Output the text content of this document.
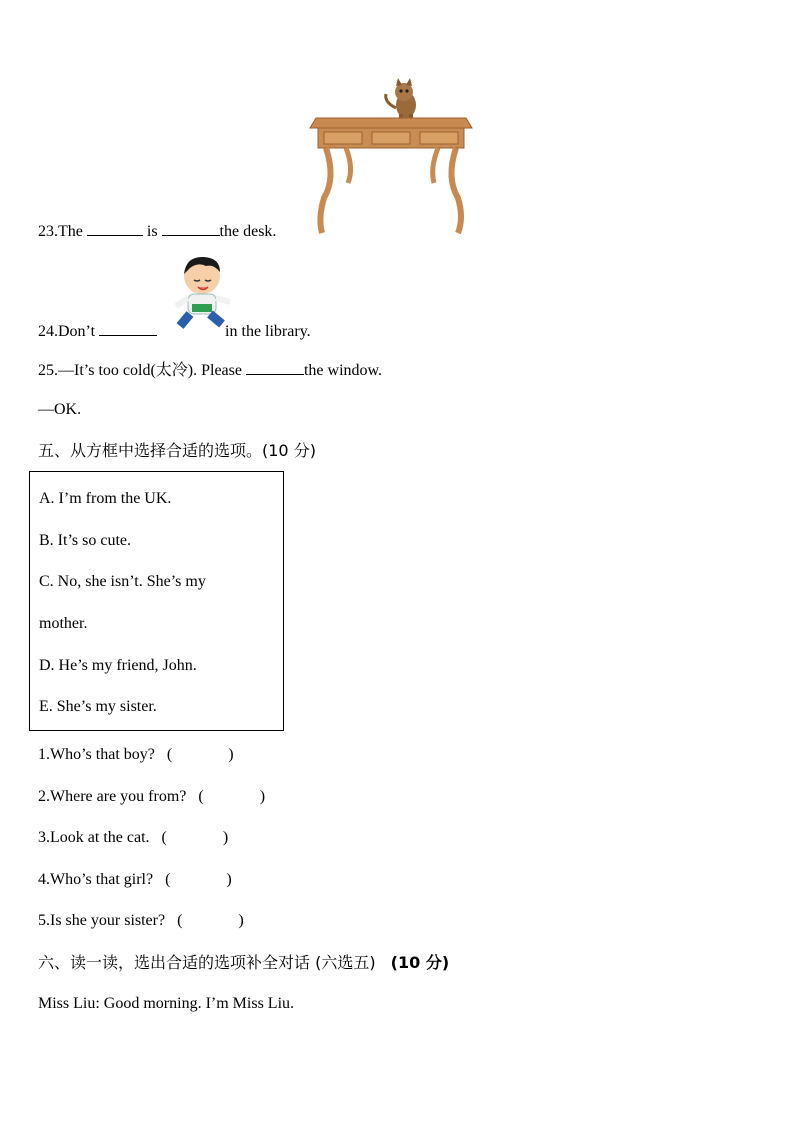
23.The	is	the desk.
24.Don’t	in the library.
25.—It’s too cold(太冷). Please	the window.
—OK.
五、从方框中选择合适的选项。(10 分)
A. I’m from the UK.
B. It’s so cute.
C. No, she isn’t. She’s my
mother.
D. He’s my friend, John.
E. She’s my sister.
1.Who’s that boy? (	)
2.Where are you from? (	)
3.Look at the cat. (	)
4.Who’s that girl? (	)
5.Is she your sister? (	)
六、读一读，选出合适的选项补全对话 (六选五) (10 分)
Miss Liu: Good morning. I’m Miss Liu.
